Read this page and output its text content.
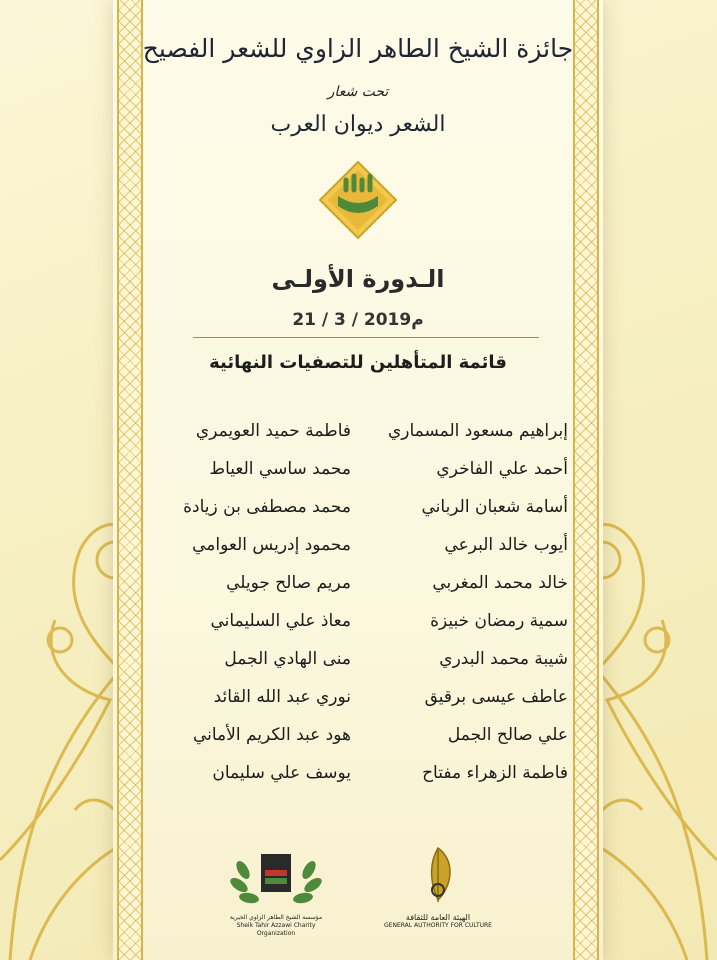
جائزة الشيخ الطاهر الزاوي للشعر الفصيح
تحت شعار
الشعر ديوان العرب
الـدورة الأولـى
21 / 3 / 2019م
قائمة المتأهلين للتصفيات النهائية
إبراهيم مسعود المسماري
أحمد علي الفاخري
أسامة شعبان الرباني
أيوب خالد البرعي
خالد محمد المغربي
سمية رمضان خبيزة
شيبة محمد البدري
عاطف عيسى برقيق
علي صالح الجمل
فاطمة الزهراء مفتاح
فاطمة حميد العويمري
محمد ساسي العياط
محمد مصطفى بن زيادة
محمود إدريس العوامي
مريم صالح جويلي
معاذ علي السليماني
منى الهادي الجمل
نوري عبد الله القائد
هود عبد الكريم الأماني
يوسف علي سليمان
مؤسسة الشيخ الطاهر الزاوي الخيرية
Sheik Tahir Azzawi Charity Organization
الهيئة العامة للثقافة
GENERAL AUTHORITY FOR CULTURE
